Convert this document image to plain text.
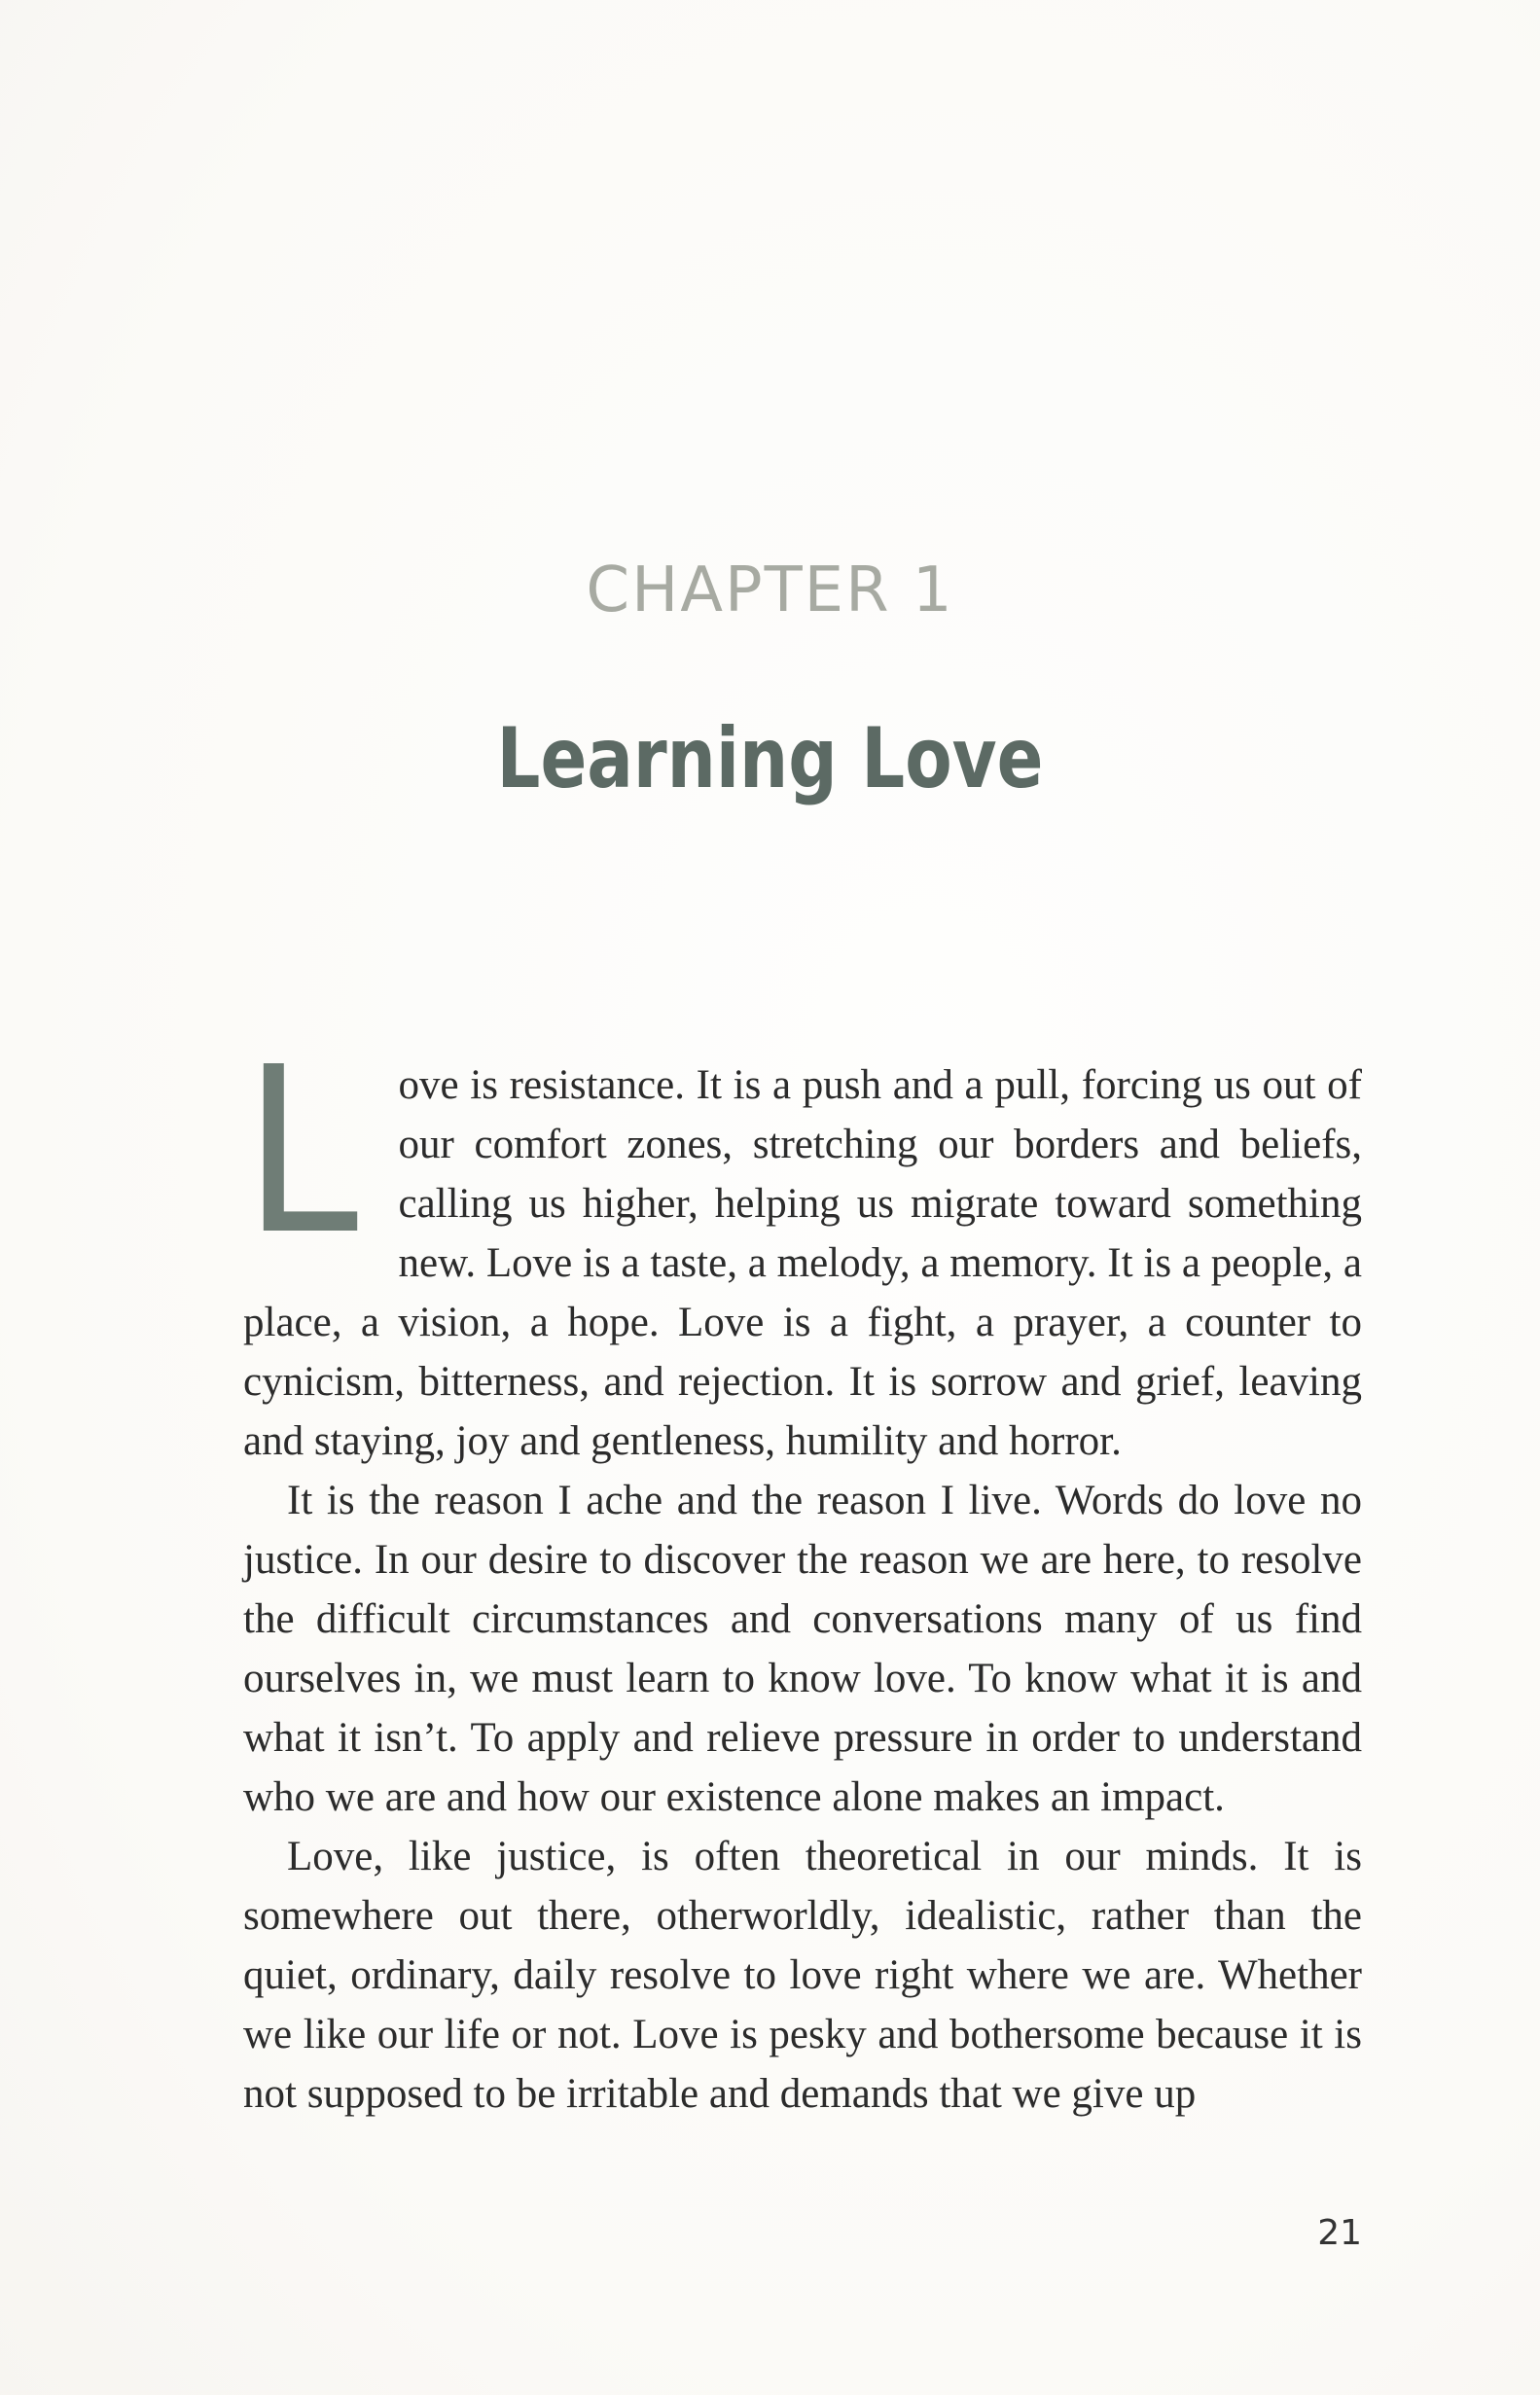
CHAPTER 1
Learning Love

Love is resistance. It is a push and a pull, forcing us out of our comfort zones, stretching our borders and beliefs, calling us higher, helping us migrate toward something new. Love is a taste, a melody, a memory. It is a people, a place, a vision, a hope. Love is a fight, a prayer, a counter to cynicism, bitterness, and rejection. It is sorrow and grief, leaving and staying, joy and gentleness, humility and horror.

It is the reason I ache and the reason I live. Words do love no justice. In our desire to discover the reason we are here, to resolve the difficult circumstances and conversations many of us find ourselves in, we must learn to know love. To know what it is and what it isn’t. To apply and relieve pressure in order to understand who we are and how our existence alone makes an impact.

Love, like justice, is often theoretical in our minds. It is somewhere out there, otherworldly, idealistic, rather than the quiet, ordinary, daily resolve to love right where we are. Whether we like our life or not. Love is pesky and bothersome because it is not supposed to be irritable and demands that we give up

21
